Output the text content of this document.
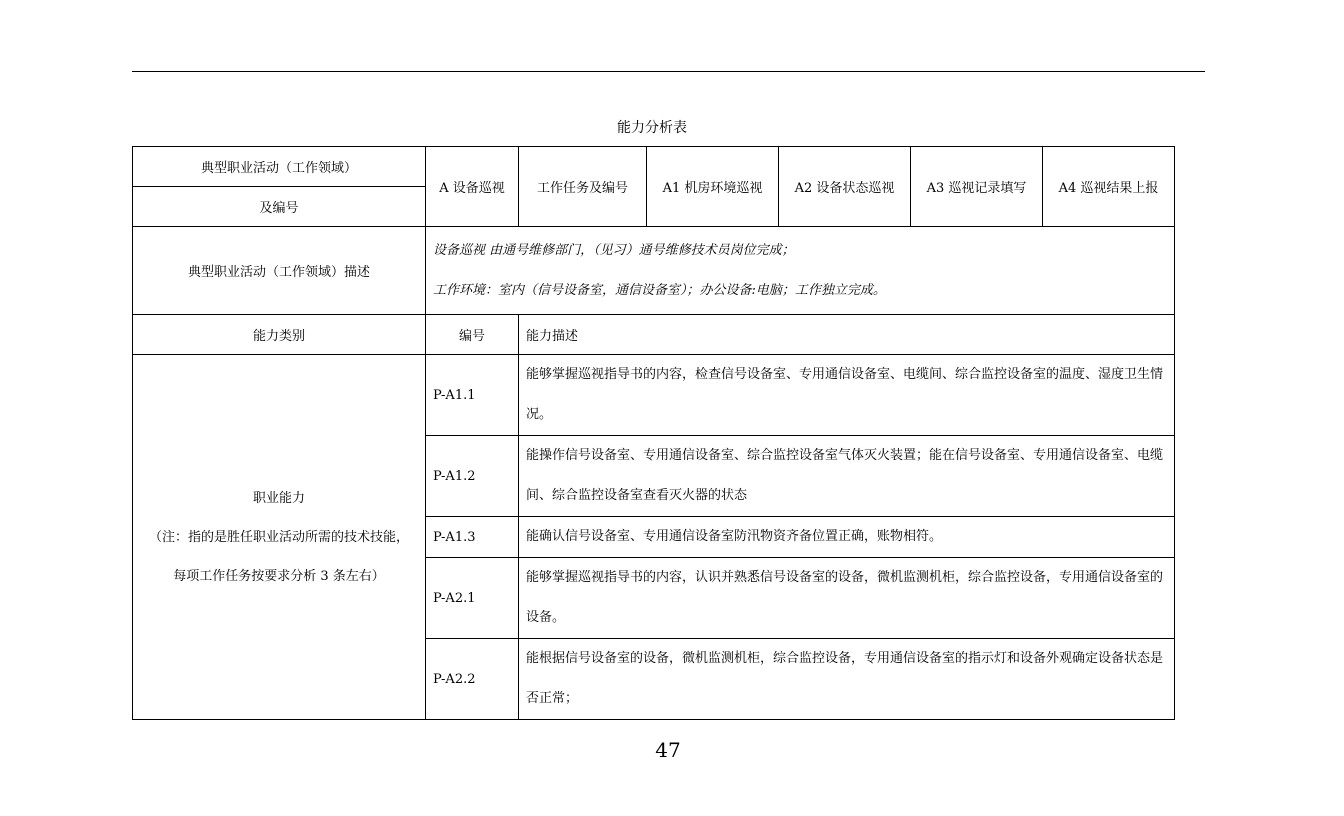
能力分析表
典型职业活动（工作领域）	A 设备巡视	工作任务及编号	A1 机房环境巡视	A2 设备状态巡视	A3 巡视记录填写	A4 巡视结果上报
及编号						
典型职业活动（工作领域）描述	设备巡视 由通号维修部门，（见习）通号维修技术员岗位完成；
工作环境：室内（信号设备室，通信设备室）；办公设备:电脑；工作独立完成。					

能力类别	编号	能力描述				

职业能力
（注：指的是胜任职业活动所需的技术技能，
每项工作任务按要求分析 3 条左右）	P-A1.1	能够掌握巡视指导书的内容，检查信号设备室、专用通信设备室、电缆间、综合监控设备室的温度、湿度卫生情况。				
	P-A1.2	能操作信号设备室、专用通信设备室、综合监控设备室气体灭火装置；能在信号设备室、专用通信设备室、电缆间、综合监控设备室查看灭火器的状态				
	P-A1.3	能确认信号设备室、专用通信设备室防汛物资齐备位置正确，账物相符。				
	P-A2.1	能够掌握巡视指导书的内容，认识并熟悉信号设备室的设备，微机监测机柜，综合监控设备，专用通信设备室的设备。				
	P-A2.2	能根据信号设备室的设备，微机监测机柜，综合监控设备，专用通信设备室的指示灯和设备外观确定设备状态是否正常；				
47
